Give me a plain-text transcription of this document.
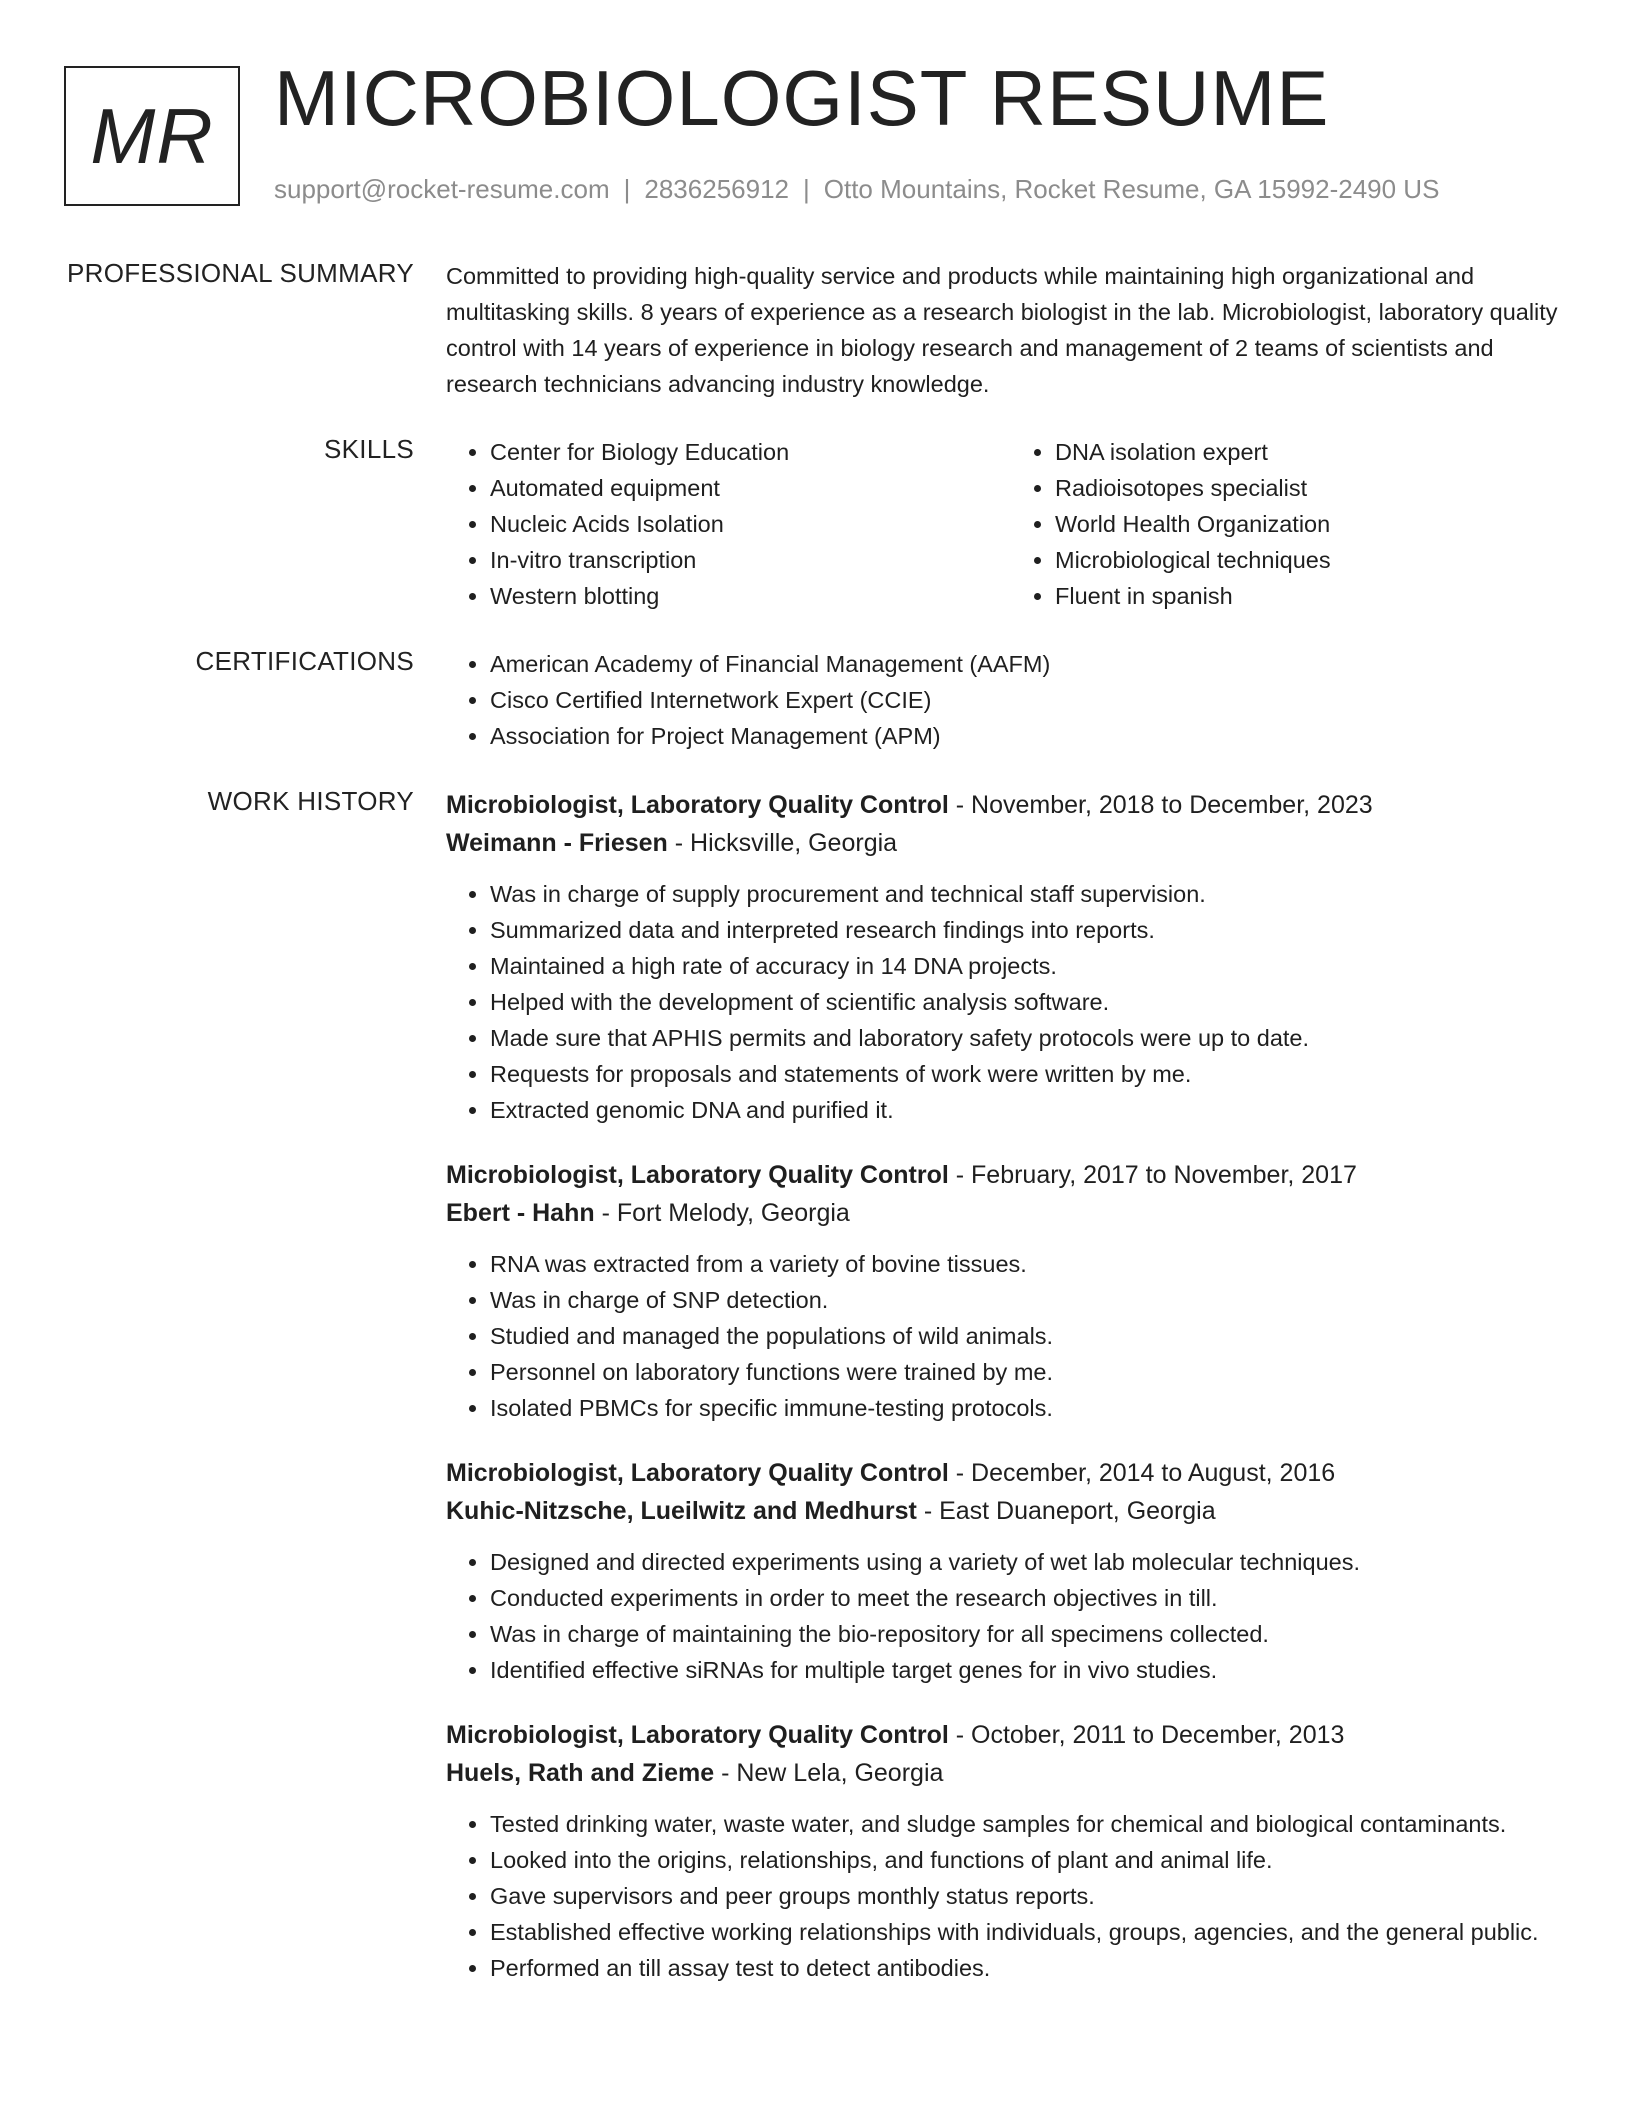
MR MICROBIOLOGIST RESUME
support@rocket-resume.com | 2836256912 | Otto Mountains, Rocket Resume, GA 15992-2490 US
PROFESSIONAL SUMMARY Committed to providing high-quality service and products while maintaining high organizational and multitasking skills. 8 years of experience as a research biologist in the lab. Microbiologist, laboratory quality control with 14 years of experience in biology research and management of 2 teams of scientists and research technicians advancing industry knowledge.

SKILLS	• Center for Biology Education
• Automated equipment
• Nucleic Acids Isolation
• In-vitro transcription
• Western blotting
• DNA isolation expert
• Radioisotopes specialist
• World Health Organization
• Microbiological techniques
• Fluent in spanish
CERTIFICATIONS	• American Academy of Financial Management (AAFM)
• Cisco Certified Internetwork Expert (CCIE)
• Association for Project Management (APM)
WORK HISTORY Microbiologist, Laboratory Quality Control - November, 2018 to December, 2023
Weimann - Friesen - Hicksville, Georgia
• Was in charge of supply procurement and technical staff supervision.
• Summarized data and interpreted research findings into reports.
• Maintained a high rate of accuracy in 14 DNA projects.
• Helped with the development of scientific analysis software.
• Made sure that APHIS permits and laboratory safety protocols were up to date.
• Requests for proposals and statements of work were written by me.
• Extracted genomic DNA and purified it.
Microbiologist, Laboratory Quality Control - February, 2017 to November, 2017
Ebert - Hahn - Fort Melody, Georgia
• RNA was extracted from a variety of bovine tissues.
• Was in charge of SNP detection.
• Studied and managed the populations of wild animals.
• Personnel on laboratory functions were trained by me.
• Isolated PBMCs for specific immune-testing protocols.
Microbiologist, Laboratory Quality Control - December, 2014 to August, 2016
Kuhic-Nitzsche, Lueilwitz and Medhurst - East Duaneport, Georgia
• Designed and directed experiments using a variety of wet lab molecular techniques.
• Conducted experiments in order to meet the research objectives in till.
• Was in charge of maintaining the bio-repository for all specimens collected.
• Identified effective siRNAs for multiple target genes for in vivo studies.
Microbiologist, Laboratory Quality Control - October, 2011 to December, 2013
Huels, Rath and Zieme - New Lela, Georgia
• Tested drinking water, waste water, and sludge samples for chemical and biological contaminants.
• Looked into the origins, relationships, and functions of plant and animal life.
• Gave supervisors and peer groups monthly status reports.
• Established effective working relationships with individuals, groups, agencies, and the general public.
• Performed an till assay test to detect antibodies.
